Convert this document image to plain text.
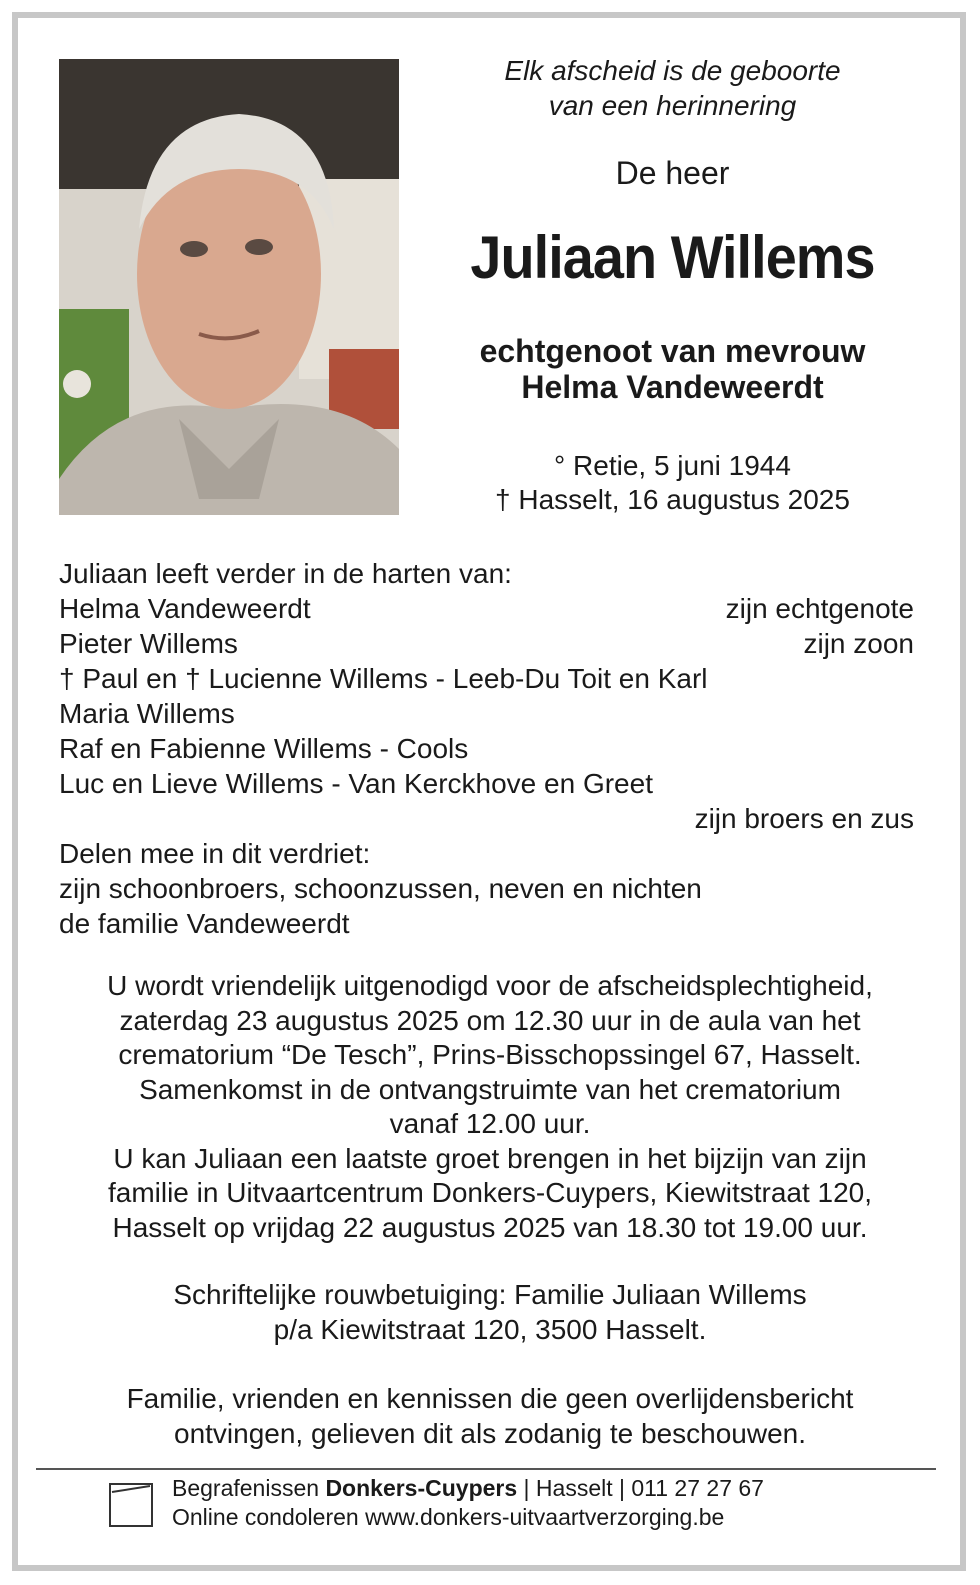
Elk afscheid is de geboorte
van een herinnering
De heer
Juliaan Willems
echtgenoot van mevrouw
Helma Vandeweerdt
° Retie, 5 juni 1944
† Hasselt, 16 augustus 2025
Juliaan leeft verder in de harten van:
Helma Vandeweerdt	zijn echtgenote
Pieter Willems	zijn zoon
† Paul en † Lucienne Willems - Leeb-Du Toit en Karl
Maria Willems
Raf en Fabienne Willems - Cools
Luc en Lieve Willems - Van Kerckhove en Greet
zijn broers en zus
Delen mee in dit verdriet:
zijn schoonbroers, schoonzussen, neven en nichten
de familie Vandeweerdt
U wordt vriendelijk uitgenodigd voor de afscheidsplechtigheid,
zaterdag 23 augustus 2025 om 12.30 uur in de aula van het
crematorium “De Tesch”, Prins-Bisschopssingel 67, Hasselt.
Samenkomst in de ontvangstruimte van het crematorium
vanaf 12.00 uur.
U kan Juliaan een laatste groet brengen in het bijzijn van zijn
familie in Uitvaartcentrum Donkers-Cuypers, Kiewitstraat 120,
Hasselt op vrijdag 22 augustus 2025 van 18.30 tot 19.00 uur.
Schriftelijke rouwbetuiging: Familie Juliaan Willems
p/a Kiewitstraat 120, 3500 Hasselt.
Familie, vrienden en kennissen die geen overlijdensbericht
ontvingen, gelieven dit als zodanig te beschouwen.
Begrafenissen Donkers-Cuypers | Hasselt | 011 27 27 67
Online condoleren www.donkers-uitvaartverzorging.be
